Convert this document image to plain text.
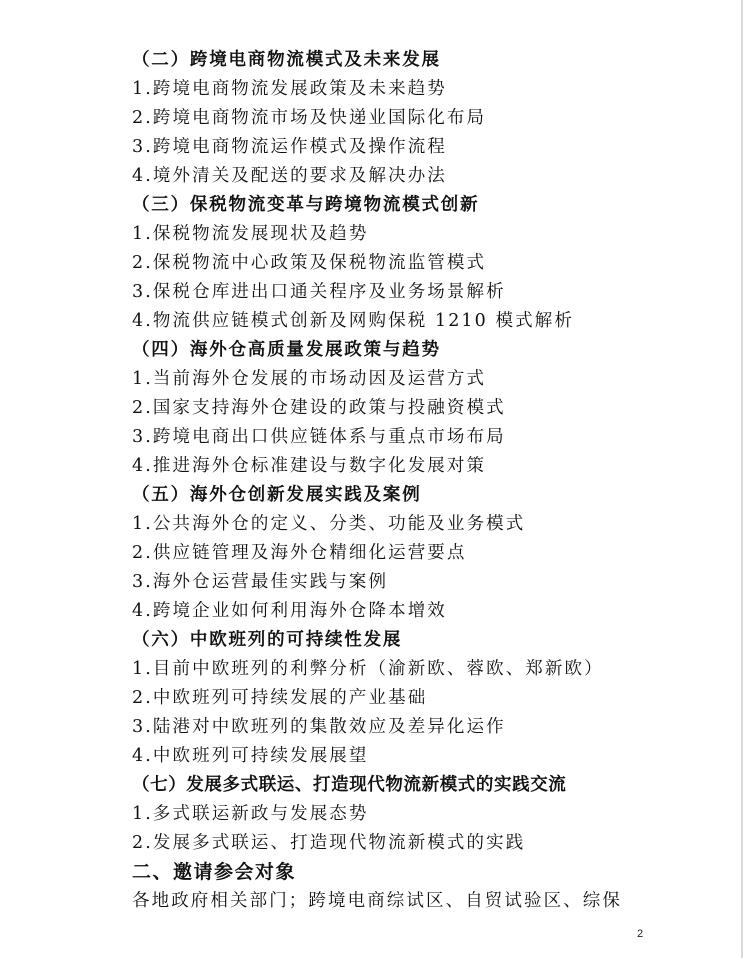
（二）跨境电商物流模式及未来发展
1.跨境电商物流发展政策及未来趋势
2.跨境电商物流市场及快递业国际化布局
3.跨境电商物流运作模式及操作流程
4.境外清关及配送的要求及解决办法
（三）保税物流变革与跨境物流模式创新
1.保税物流发展现状及趋势
2.保税物流中心政策及保税物流监管模式
3.保税仓库进出口通关程序及业务场景解析
4.物流供应链模式创新及网购保税 1210 模式解析
（四）海外仓高质量发展政策与趋势
1.当前海外仓发展的市场动因及运营方式
2.国家支持海外仓建设的政策与投融资模式
3.跨境电商出口供应链体系与重点市场布局
4.推进海外仓标准建设与数字化发展对策
（五）海外仓创新发展实践及案例
1.公共海外仓的定义、分类、功能及业务模式
2.供应链管理及海外仓精细化运营要点
3.海外仓运营最佳实践与案例
4.跨境企业如何利用海外仓降本增效
（六）中欧班列的可持续性发展
1.目前中欧班列的利弊分析（渝新欧、蓉欧、郑新欧）
2.中欧班列可持续发展的产业基础
3.陆港对中欧班列的集散效应及差异化运作
4.中欧班列可持续发展展望
（七）发展多式联运、打造现代物流新模式的实践交流
1.多式联运新政与发展态势
2.发展多式联运、打造现代物流新模式的实践
二、邀请参会对象
各地政府相关部门；跨境电商综试区、自贸试验区、综保
2
